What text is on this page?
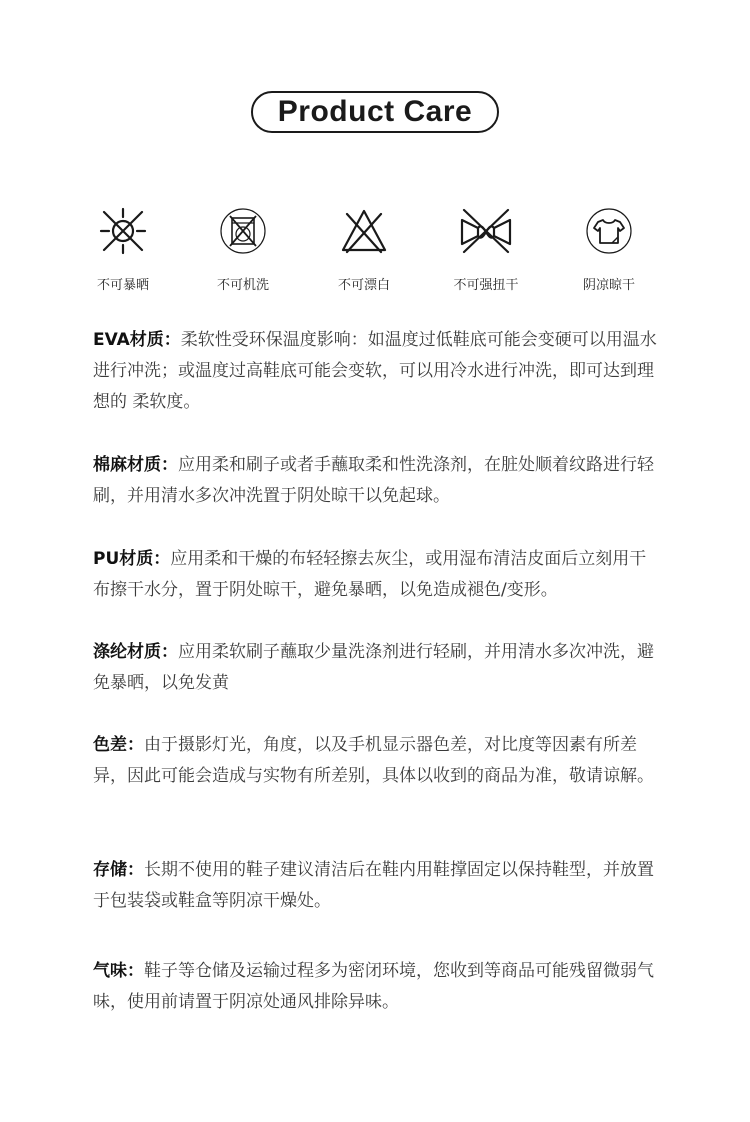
Product Care
不可暴晒	不可机洗	不可漂白	不可强扭干	阴凉晾干
EVA材质：柔软性受环保温度影响：如温度过低鞋底可能会变硬可以用温水进行冲洗；或温度过高鞋底可能会变软，可以用冷水进行冲洗，即可达到理想的 柔软度。
棉麻材质：应用柔和刷子或者手蘸取柔和性洗涤剂，在脏处顺着纹路进行轻刷，并用清水多次冲洗置于阴处晾干以免起球。
PU材质：应用柔和干燥的布轻轻擦去灰尘，或用湿布清洁皮面后立刻用干布擦干水分，置于阴处晾干，避免暴晒，以免造成褪色/变形。
涤纶材质：应用柔软刷子蘸取少量洗涤剂进行轻刷，并用清水多次冲洗，避免暴晒，以免发黄
色差：由于摄影灯光，角度，以及手机显示器色差，对比度等因素有所差异，因此可能会造成与实物有所差别，具体以收到的商品为准，敬请谅解。
存储：长期不使用的鞋子建议清洁后在鞋内用鞋撑固定以保持鞋型，并放置于包装袋或鞋盒等阴凉干燥处。
气味：鞋子等仓储及运输过程多为密闭环境，您收到等商品可能残留微弱气味，使用前请置于阴凉处通风排除异味。
